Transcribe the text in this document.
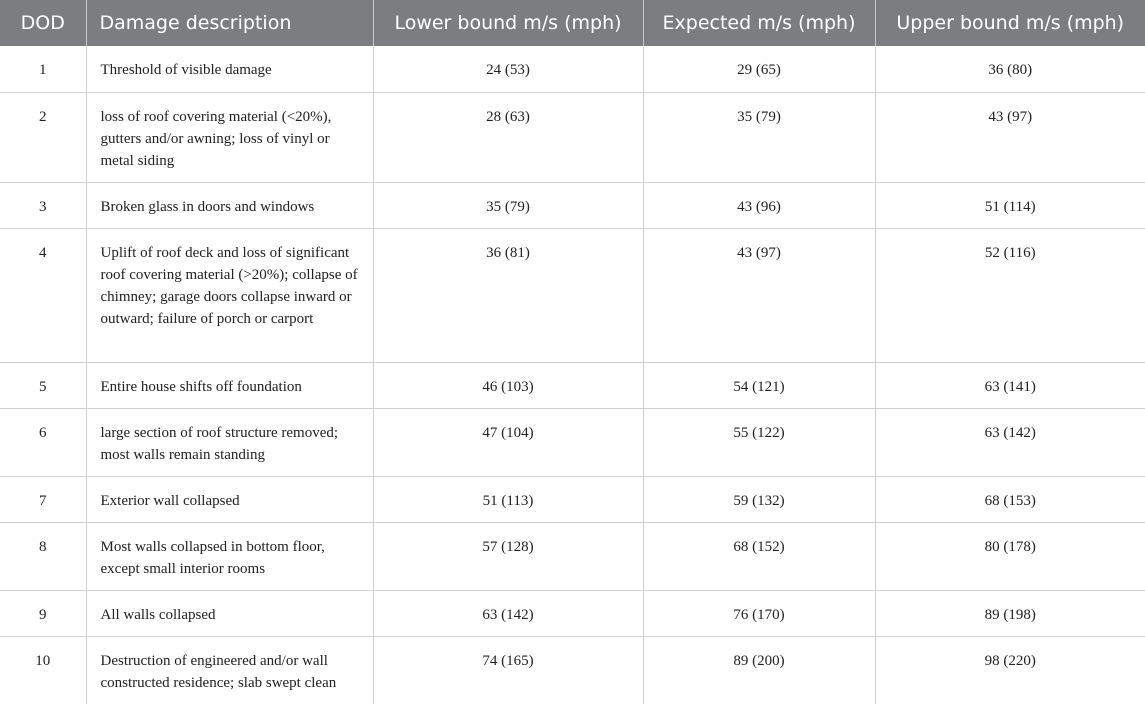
DOD	Damage description	Lower bound m/s (mph)	Expected m/s (mph)	Upper bound m/s (mph)
1	Threshold of visible damage	24 (53)	29 (65)	36 (80)
2	loss of roof covering material (<20%), gutters and/or awning; loss of vinyl or metal siding	28 (63)	35 (79)	43 (97)
3	Broken glass in doors and windows	35 (79)	43 (96)	51 (114)
4	Uplift of roof deck and loss of significant roof covering material (>20%); collapse of chimney; garage doors collapse inward or outward; failure of porch or carport	36 (81)	43 (97)	52 (116)
5	Entire house shifts off foundation	46 (103)	54 (121)	63 (141)
6	large section of roof structure removed; most walls remain standing	47 (104)	55 (122)	63 (142)
7	Exterior wall collapsed	51 (113)	59 (132)	68 (153)
8	Most walls collapsed in bottom floor, except small interior rooms	57 (128)	68 (152)	80 (178)
9	All walls collapsed	63 (142)	76 (170)	89 (198)
10	Destruction of engineered and/or wall constructed residence; slab swept clean	74 (165)	89 (200)	98 (220)
